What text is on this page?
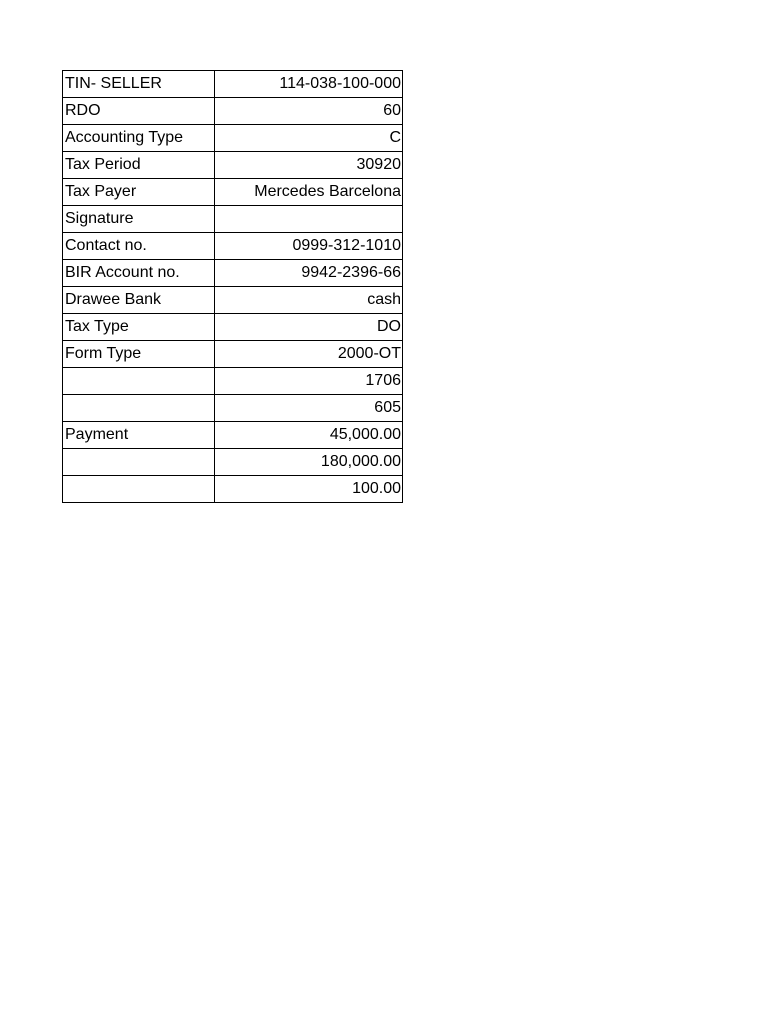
TIN- SELLER	114-038-100-000
RDO	60
Accounting Type	C
Tax Period	30920
Tax Payer	Mercedes Barcelona
Signature	
Contact no.	0999-312-1010
BIR Account no.	9942-2396-66
Drawee Bank	cash
Tax Type	DO
Form Type	2000-OT
	1706
	605
Payment	45,000.00
	180,000.00
	100.00
